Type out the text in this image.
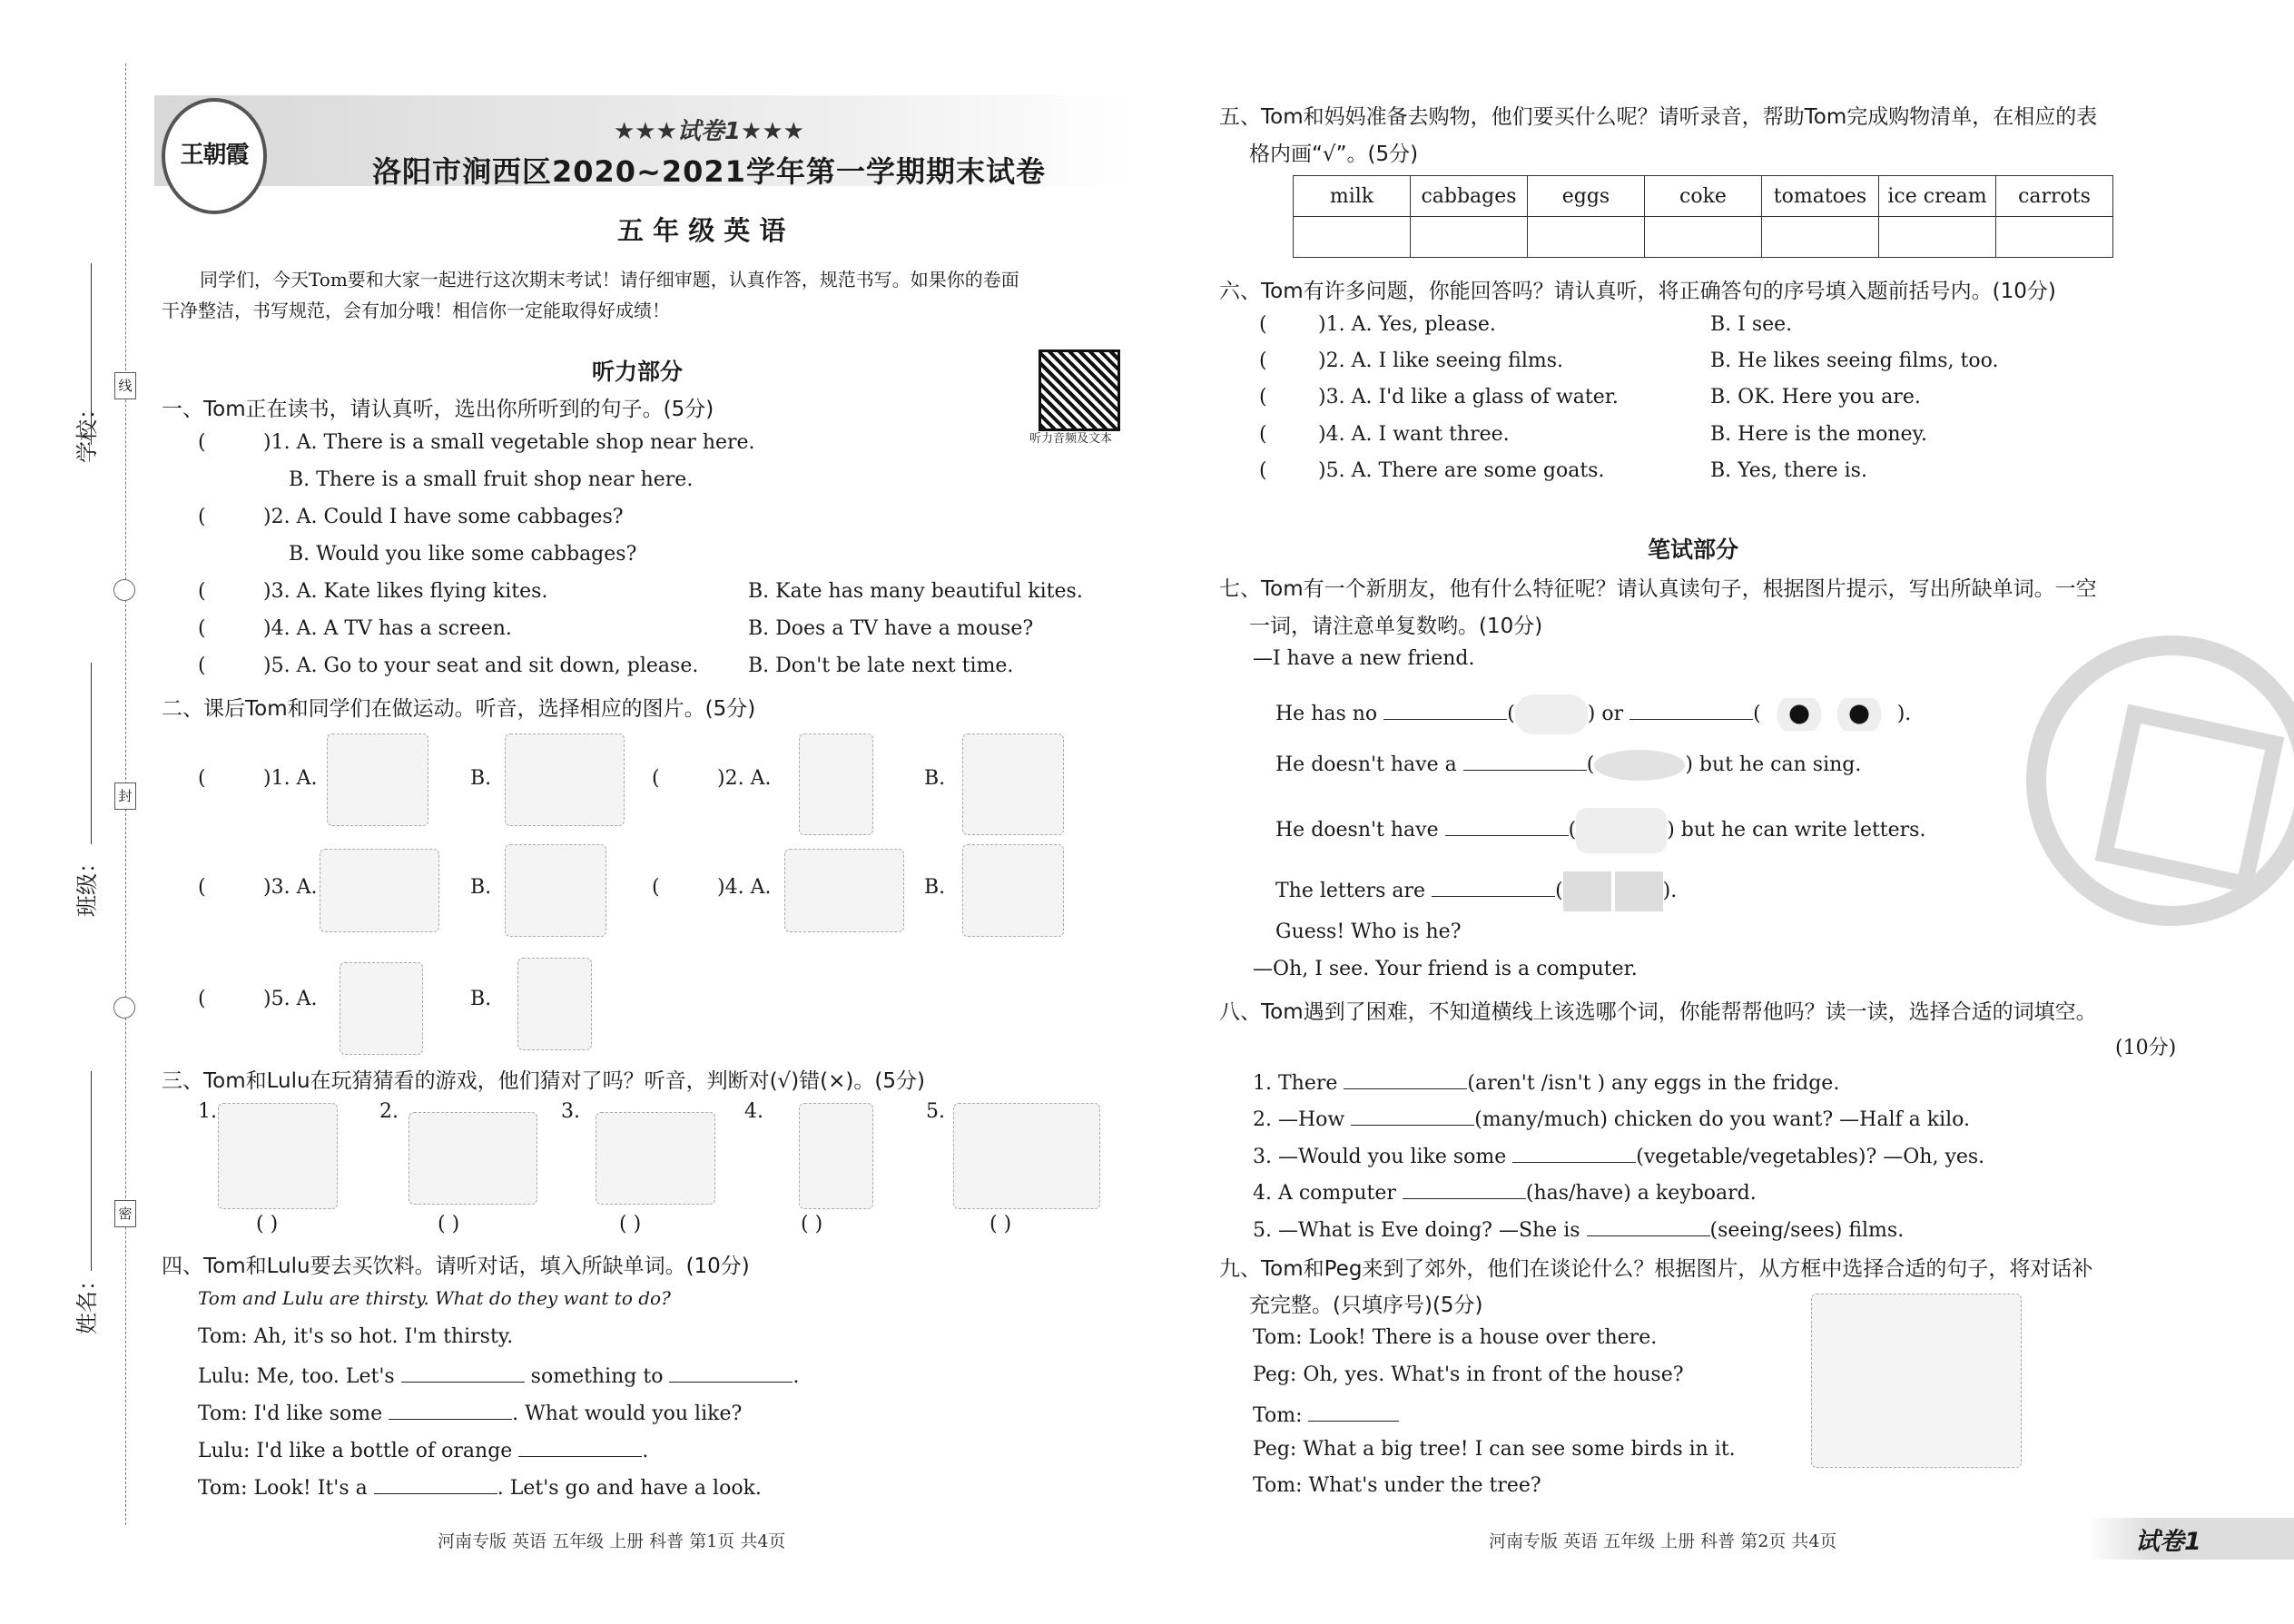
学校：
班级：
姓名：
线
封
密
王朝霞
★★★试卷1★★★
洛阳市涧西区2020~2021学年第一学期期末试卷
五 年 级 英 语
同学们，今天Tom要和大家一起进行这次期末考试！请仔细审题，认真作答，规范书写。如果你的卷面
干净整洁，书写规范，会有加分哦！相信你一定能取得好成绩！
听力音频及文本
听力部分
一、Tom正在读书，请认真听，选出你所听到的句子。(5分)
(	)1. A. There is a small vegetable shop near here.
B. There is a small fruit shop near here.
(	)2. A. Could I have some cabbages?
B. Would you like some cabbages?
(	)3. A. Kate likes flying kites.	B. Kate has many beautiful kites.
(	)4. A. A TV has a screen.	B. Does a TV have a mouse?
(	)5. A. Go to your seat and sit down, please. B. Don't be late next time.
二、课后Tom和同学们在做运动。听音，选择相应的图片。(5分)
(	)1. A.	B.	(	)2. A.	B.
(	)3. A.	B.	(	)4. A.	B.
(	)5. A.	B.
三、Tom和Lulu在玩猜猜看的游戏，他们猜对了吗？听音，判断对(√)错(×)。(5分)
1.
( )
2.
( )
3.
( )
4.
( )
5.
( )
四、Tom和Lulu要去买饮料。请听对话，填入所缺单词。(10分)
Tom and Lulu are thirsty. What do they want to do?
Tom: Ah, it's so hot. I'm thirsty.
Lulu: Me, too. Let's	something to	.
Tom: I'd like some	. What would you like?
Lulu: I'd like a bottle of orange	.
Tom: Look! It's a	. Let's go and have a look.
河南专版 英语 五年级 上册 科普 第1页 共4页
五、Tom和妈妈准备去购物，他们要买什么呢？请听录音，帮助Tom完成购物清单，在相应的表
格内画“√”。(5分)
milk	cabbages	eggs	coke	tomatoes	ice cream	carrots

六、Tom有许多问题，你能回答吗？请认真听，将正确答句的序号填入题前括号内。(10分)
(	)1. A. Yes, please.	B. I see.
(	)2. A. I like seeing films.	B. He likes seeing films, too.
(	)3. A. I'd like a glass of water.	B. OK. Here you are.
(	)4. A. I want three.	B. Here is the money.
(	)5. A. There are some goats.	B. Yes, there is.
笔试部分
七、Tom有一个新朋友，他有什么特征呢？请认真读句子，根据图片提示，写出所缺单词。一空
一词，请注意单复数哟。(10分)
—I have a new friend.
He has no	(	) or	(	).
He doesn't have a	(	) but he can sing.
He doesn't have	(	) but he can write letters.
The letters are	(	).
Guess! Who is he?
—Oh, I see. Your friend is a computer.
八、Tom遇到了困难，不知道横线上该选哪个词，你能帮帮他吗？读一读，选择合适的词填空。
(10分)
1. There	(aren't /isn't ) any eggs in the fridge.
2. —How	(many/much) chicken do you want? —Half a kilo.
3. —Would you like some	(vegetable/vegetables)? —Oh, yes.
4. A computer	(has/have) a keyboard.
5. —What is Eve doing? —She is	(seeing/sees) films.
九、Tom和Peg来到了郊外，他们在谈论什么？根据图片，从方框中选择合适的句子，将对话补
充完整。(只填序号)(5分)
Tom: Look! There is a house over there.
Peg: Oh, yes. What's in front of the house?
Tom:
Peg: What a big tree! I can see some birds in it.
Tom: What's under the tree?
河南专版 英语 五年级 上册 科普 第2页 共4页	试卷1
